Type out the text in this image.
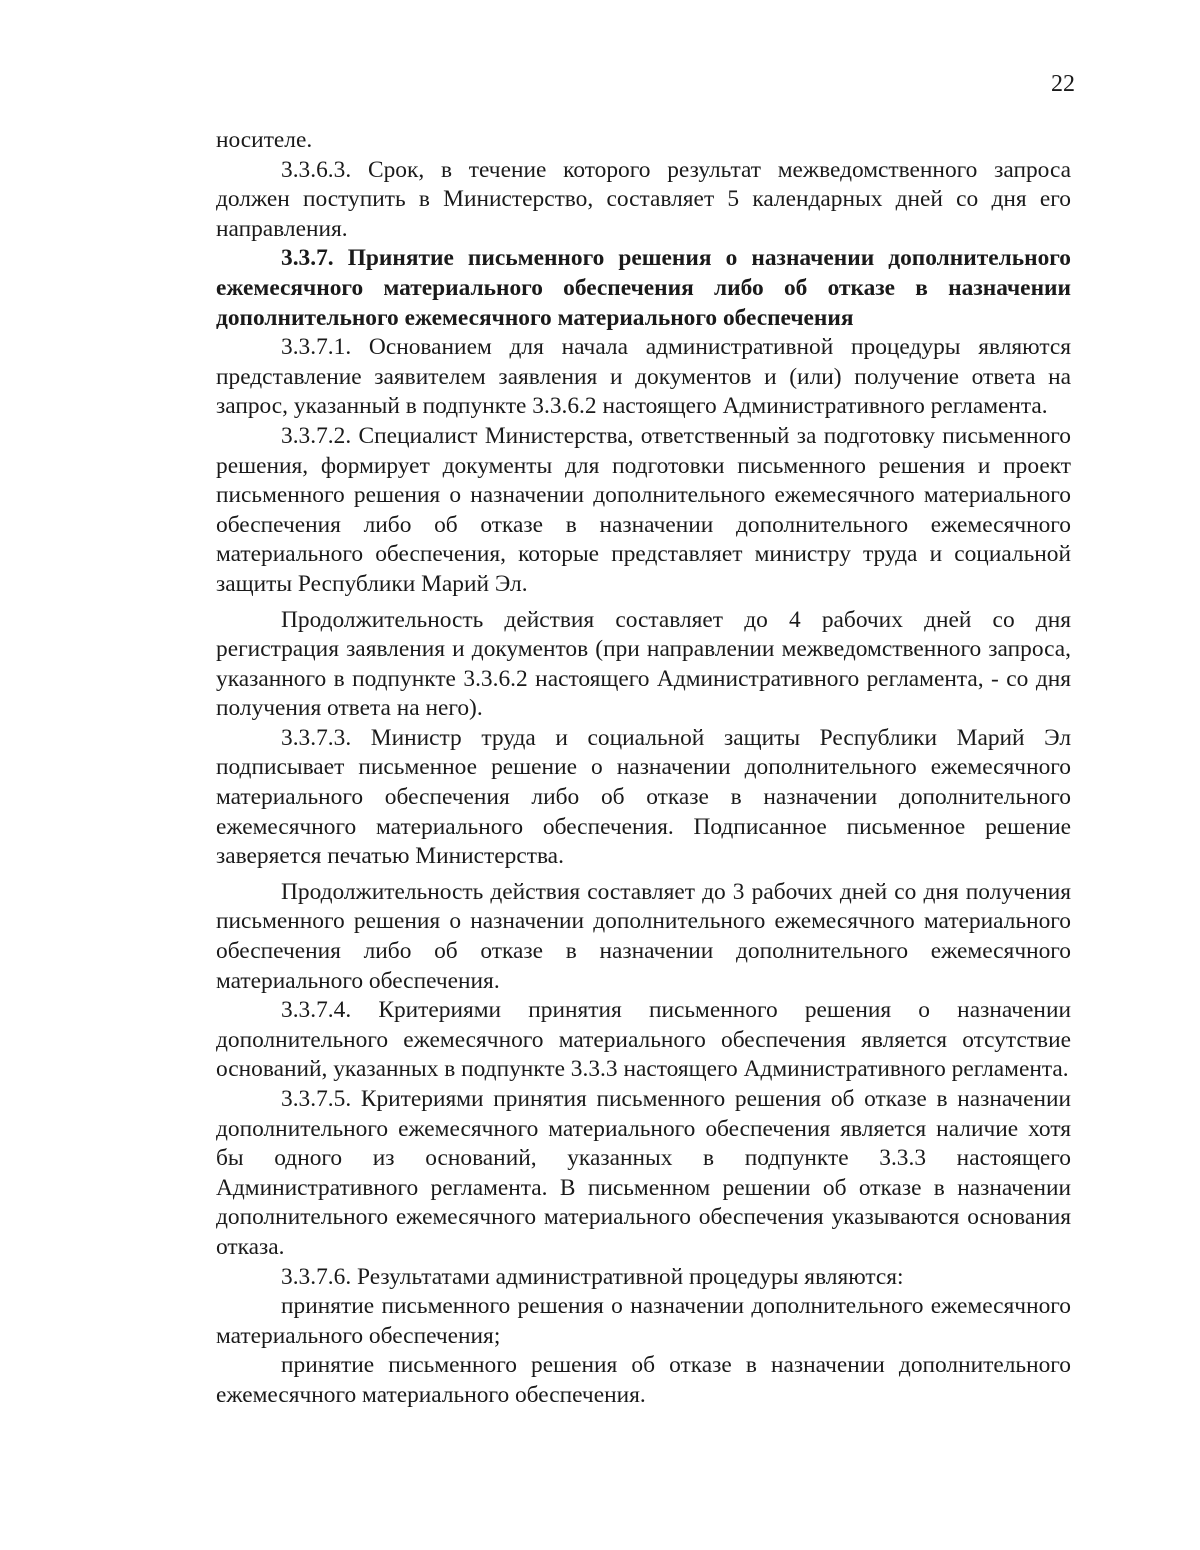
22

носителе.

3.3.6.3. Срок, в течение которого результат межведомственного запроса должен поступить в Министерство, составляет 5 календарных дней со дня его направления.

3.3.7. Принятие письменного решения о назначении дополнительного ежемесячного материального обеспечения либо об отказе в назначении дополнительного ежемесячного материального обеспечения

3.3.7.1. Основанием для начала административной процедуры являются представление заявителем заявления и документов и (или) получение ответа на запрос, указанный в подпункте 3.3.6.2 настоящего Административного регламента.

3.3.7.2. Специалист Министерства, ответственный за подготовку письменного решения, формирует документы для подготовки письменного решения и проект письменного решения о назначении дополнительного ежемесячного материального обеспечения либо об отказе в назначении дополнительного ежемесячного материального обеспечения, которые представляет министру труда и социальной защиты Республики Марий Эл.

Продолжительность действия составляет до 4 рабочих дней со дня регистрация заявления и документов (при направлении межведомственного запроса, указанного в подпункте 3.3.6.2 настоящего Административного регламента, - со дня получения ответа на него).

3.3.7.3. Министр труда и социальной защиты Республики Марий Эл подписывает письменное решение о назначении дополнительного ежемесячного материального обеспечения либо об отказе в назначении дополнительного ежемесячного материального обеспечения. Подписанное письменное решение заверяется печатью Министерства.

Продолжительность действия составляет до 3 рабочих дней со дня получения письменного решения о назначении дополнительного ежемесячного материального обеспечения либо об отказе в назначении дополнительного ежемесячного материального обеспечения.

3.3.7.4. Критериями принятия письменного решения о назначении дополнительного ежемесячного материального обеспечения является отсутствие оснований, указанных в подпункте 3.3.3 настоящего Административного регламента.

3.3.7.5. Критериями принятия письменного решения об отказе в назначении дополнительного ежемесячного материального обеспечения является наличие хотя бы одного из оснований, указанных в подпункте 3.3.3 настоящего Административного регламента. В письменном решении об отказе в назначении дополнительного ежемесячного материального обеспечения указываются основания отказа.

3.3.7.6. Результатами административной процедуры являются:

принятие письменного решения о назначении дополнительного ежемесячного материального обеспечения;

принятие письменного решения об отказе в назначении дополнительного ежемесячного материального обеспечения.
